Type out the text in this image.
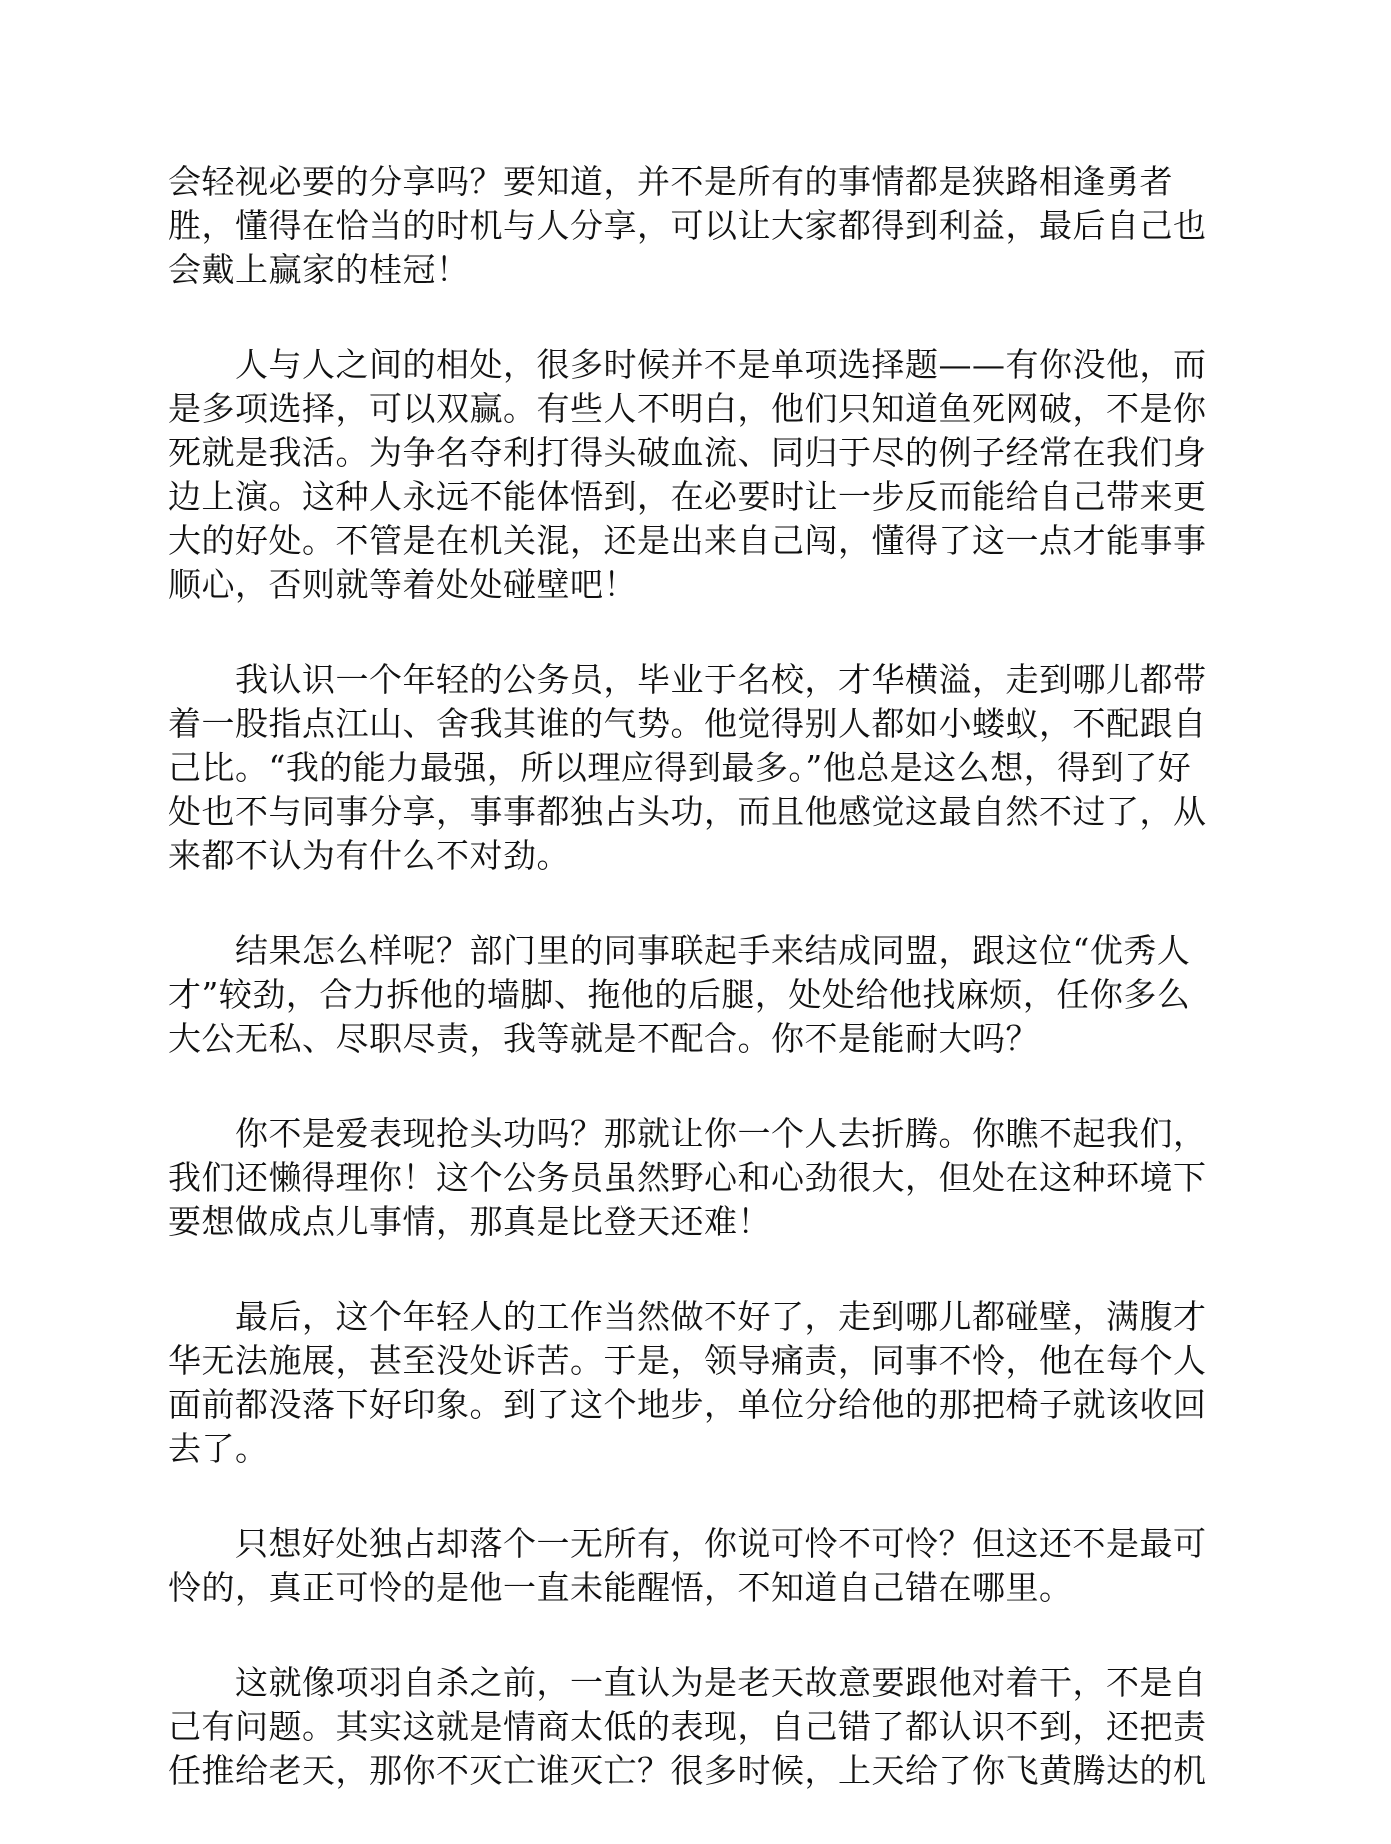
会轻视必要的分享吗？要知道，并不是所有的事情都是狭路相逢勇者
胜，懂得在恰当的时机与人分享，可以让大家都得到利益，最后自己也
会戴上赢家的桂冠！

　　人与人之间的相处，很多时候并不是单项选择题——有你没他，而
是多项选择，可以双赢。有些人不明白，他们只知道鱼死网破，不是你
死就是我活。为争名夺利打得头破血流、同归于尽的例子经常在我们身
边上演。这种人永远不能体悟到，在必要时让一步反而能给自己带来更
大的好处。不管是在机关混，还是出来自己闯，懂得了这一点才能事事
顺心，否则就等着处处碰壁吧！

　　我认识一个年轻的公务员，毕业于名校，才华横溢，走到哪儿都带
着一股指点江山、舍我其谁的气势。他觉得别人都如小蝼蚁，不配跟自
己比。“我的能力最强，所以理应得到最多。”他总是这么想，得到了好
处也不与同事分享，事事都独占头功，而且他感觉这最自然不过了，从
来都不认为有什么不对劲。

　　结果怎么样呢？部门里的同事联起手来结成同盟，跟这位“优秀人
才”较劲，合力拆他的墙脚、拖他的后腿，处处给他找麻烦，任你多么
大公无私、尽职尽责，我等就是不配合。你不是能耐大吗？

　　你不是爱表现抢头功吗？那就让你一个人去折腾。你瞧不起我们，
我们还懒得理你！这个公务员虽然野心和心劲很大，但处在这种环境下
要想做成点儿事情，那真是比登天还难！

　　最后，这个年轻人的工作当然做不好了，走到哪儿都碰壁，满腹才
华无法施展，甚至没处诉苦。于是，领导痛责，同事不怜，他在每个人
面前都没落下好印象。到了这个地步，单位分给他的那把椅子就该收回
去了。

　　只想好处独占却落个一无所有，你说可怜不可怜？但这还不是最可
怜的，真正可怜的是他一直未能醒悟，不知道自己错在哪里。

　　这就像项羽自杀之前，一直认为是老天故意要跟他对着干，不是自
己有问题。其实这就是情商太低的表现，自己错了都认识不到，还把责
任推给老天，那你不灭亡谁灭亡？很多时候，上天给了你飞黄腾达的机
